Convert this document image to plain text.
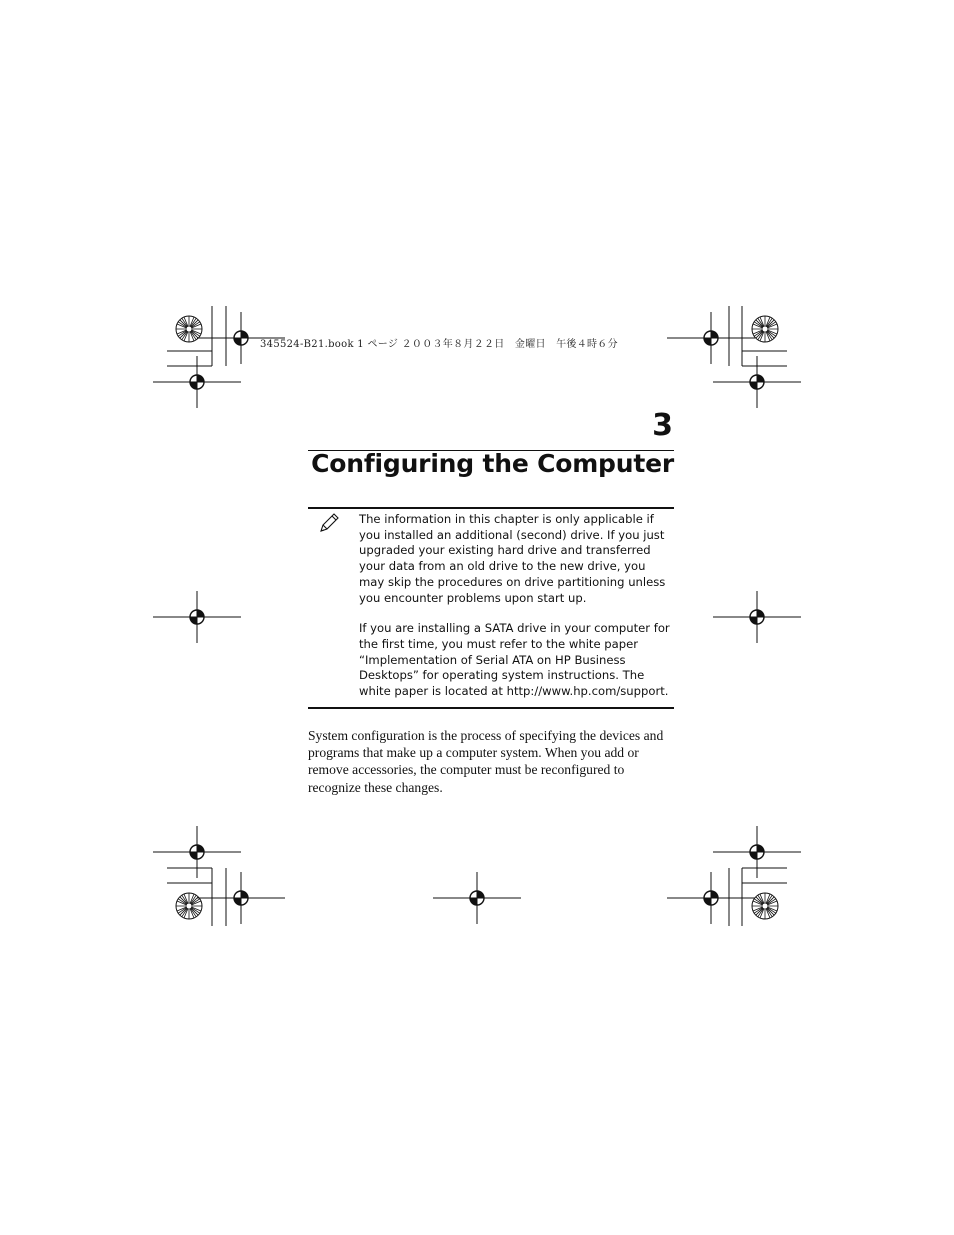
345524-B21.book 1 ページ ２００３年８月２２日　金曜日　午後４時６分
3
Configuring the Computer

The information in this chapter is only applicable if you installed an additional (second) drive. If you just upgraded your existing hard drive and transferred your data from an old drive to the new drive, you may skip the procedures on drive partitioning unless you encounter problems upon start up.

If you are installing a SATA drive in your computer for the first time, you must refer to the white paper “Implementation of Serial ATA on HP Business Desktops” for operating system instructions. The white paper is located at http://www.hp.com/support.

System configuration is the process of specifying the devices and programs that make up a computer system. When you add or remove accessories, the computer must be reconfigured to recognize these changes.
